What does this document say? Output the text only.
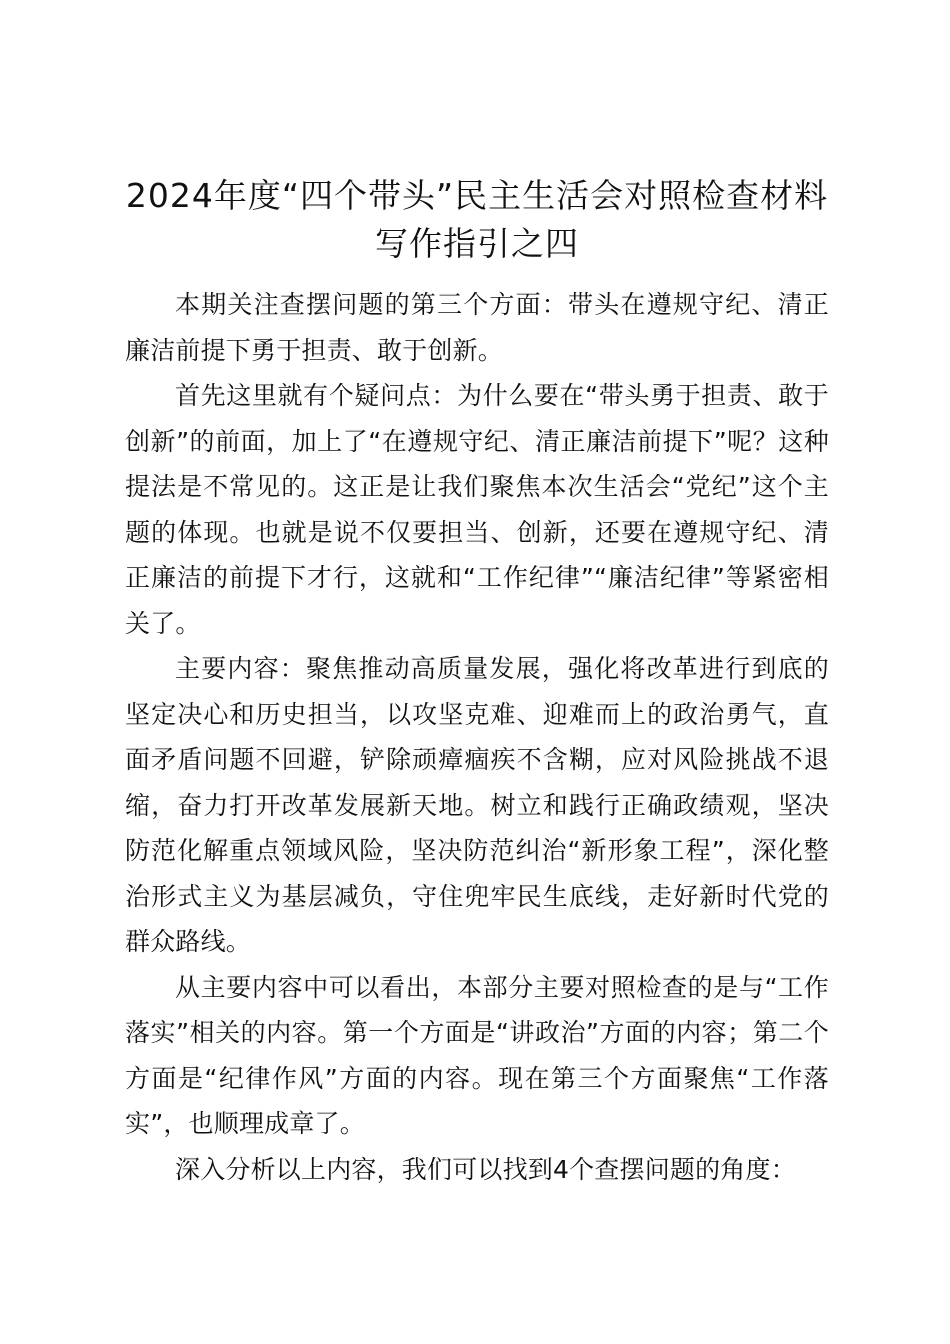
2024年度“四个带头”民主生活会对照检查材料写作指引之四

本期关注查摆问题的第三个方面：带头在遵规守纪、清正廉洁前提下勇于担责、敢于创新。

首先这里就有个疑问点：为什么要在“带头勇于担责、敢于创新”的前面，加上了“在遵规守纪、清正廉洁前提下”呢？这种提法是不常见的。这正是让我们聚焦本次生活会“党纪”这个主题的体现。也就是说不仅要担当、创新，还要在遵规守纪、清正廉洁的前提下才行，这就和“工作纪律”“廉洁纪律”等紧密相关了。

主要内容：聚焦推动高质量发展，强化将改革进行到底的坚定决心和历史担当，以攻坚克难、迎难而上的政治勇气，直面矛盾问题不回避，铲除顽瘴痼疾不含糊，应对风险挑战不退缩，奋力打开改革发展新天地。树立和践行正确政绩观，坚决防范化解重点领域风险，坚决防范纠治“新形象工程”，深化整治形式主义为基层减负，守住兜牢民生底线，走好新时代党的群众路线。

从主要内容中可以看出，本部分主要对照检查的是与“工作落实”相关的内容。第一个方面是“讲政治”方面的内容；第二个方面是“纪律作风”方面的内容。现在第三个方面聚焦“工作落实”，也顺理成章了。

深入分析以上内容，我们可以找到4个查摆问题的角度：
